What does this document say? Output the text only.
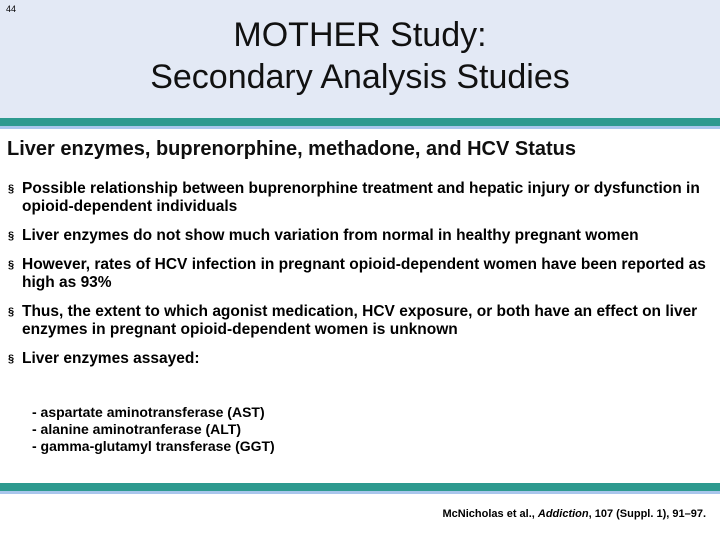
44
MOTHER Study:
Secondary Analysis Studies
Liver enzymes, buprenorphine, methadone, and HCV Status
§ Possible relationship between buprenorphine treatment and hepatic injury or dysfunction in opioid-dependent individuals
§ Liver enzymes do not show much variation from normal in healthy pregnant women
§ However, rates of HCV infection in pregnant opioid-dependent women have been reported as high as 93%
§ Thus, the extent to which agonist medication, HCV exposure, or both have an effect on liver enzymes in pregnant opioid-dependent women is unknown
§ Liver enzymes assayed:
- aspartate aminotransferase (AST)
- alanine aminotranferase (ALT)
- gamma-glutamyl transferase (GGT)
McNicholas et al., Addiction, 107 (Suppl. 1), 91–97.
